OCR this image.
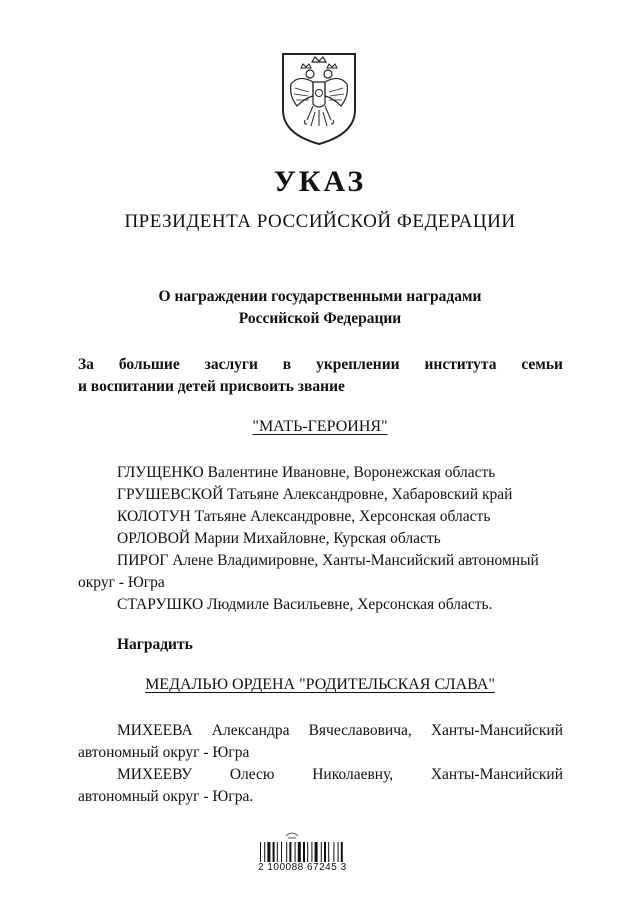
УКАЗ
ПРЕЗИДЕНТА РОССИЙСКОЙ ФЕДЕРАЦИИ
О награждении государственными наградами
Российской Федерации
За большие заслуги в укреплении института семьи
и воспитании детей присвоить звание
"МАТЬ-ГЕРОИНЯ"
ГЛУЩЕНКО Валентине Ивановне, Воронежская область
ГРУШЕВСКОЙ Татьяне Александровне, Хабаровский край
КОЛОТУН Татьяне Александровне, Херсонская область
ОРЛОВОЙ Марии Михайловне, Курская область
ПИРОГ Алене Владимировне, Ханты-Мансийский автономный
округ - Югра
СТАРУШКО Людмиле Васильевне, Херсонская область.
Наградить
МЕДАЛЬЮ ОРДЕНА "РОДИТЕЛЬСКАЯ СЛАВА"
МИХЕЕВА Александра Вячеславовича, Ханты-Мансийский
автономный округ - Югра
МИХЕЕВУ Олесю Николаевну, Ханты-Мансийский
автономный округ - Югра.
2 100088 67245 3
